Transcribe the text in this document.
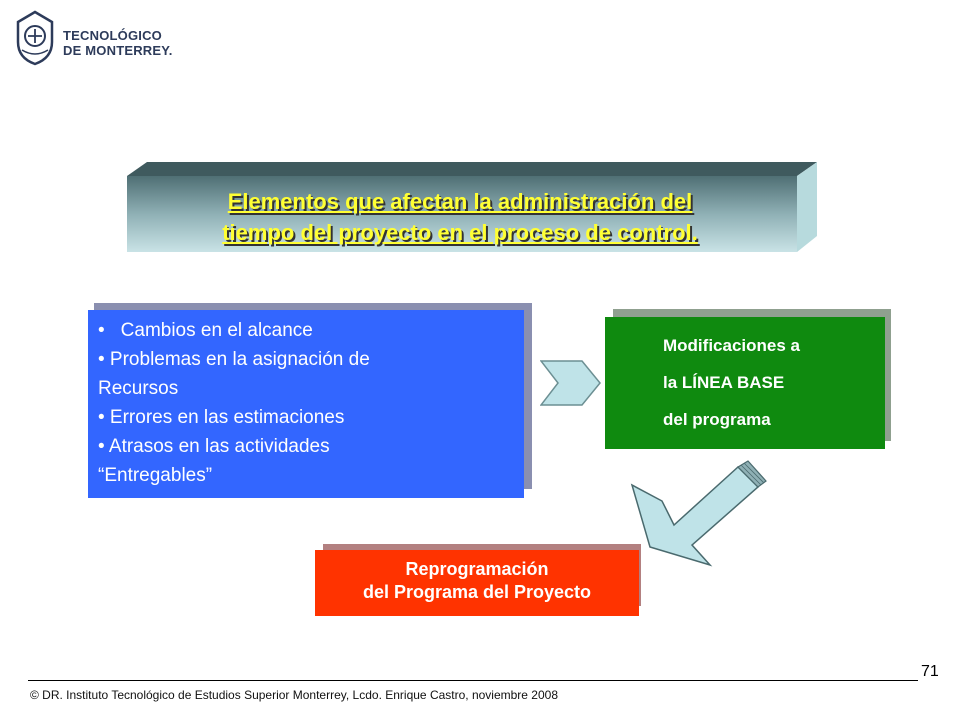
TECNOLÓGICO
DE MONTERREY.
Elementos que afectan la administración del
tiempo del proyecto en el proceso de control.
• Cambios en el alcance
• Problemas en la asignación de
Recursos
• Errores en las estimaciones
• Atrasos en las actividades
“Entregables”
Modificaciones a
la LÍNEA BASE
del programa
Reprogramación
del Programa del Proyecto
71
© DR. Instituto Tecnológico de Estudios Superior Monterrey, Lcdo. Enrique Castro, noviembre 2008
